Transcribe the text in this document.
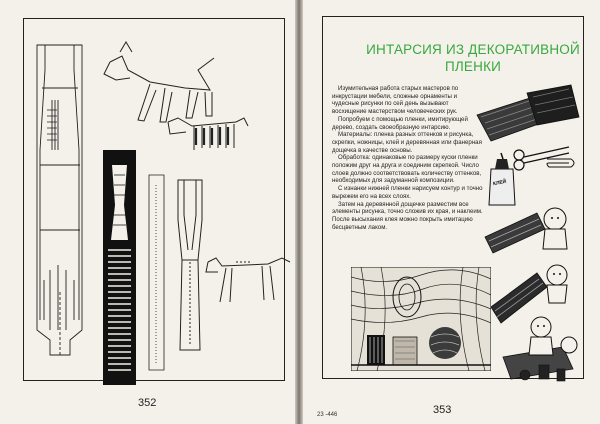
352
ИНТАРСИЯ ИЗ ДЕКОРАТИВНОЙ
ПЛЕНКИ

Изумительная работа старых мастеров по инкрустации мебели, сложные орнаменты и чудесные рисунки по сей день вызывают восхищение мастерством человеческих рук.

Попробуем с помощью пленки, имитирующей дерево, создать своеобразную интарсию.

Материалы: пленка разных оттенков и рисунка, скрепки, ножницы, клей и деревянная или фанерная дощечка в качестве основы.

Обработка: одинаковые по размеру куски пленки положим друг на друга и соединим скрепкой. Число слоев должно соответствовать количеству оттенков, необходимых для задуманной композиции.

С изнанки нижней пленки нарисуем контур и точно вырежем его на всех слоях.

Затем на деревянной дощечке разместим все элементы рисунка, точно сложив их края, и наклеим. После высыхания клея можно покрыть имитацию бесцветным лаком.

КЛЕЙ
353
23 -446
